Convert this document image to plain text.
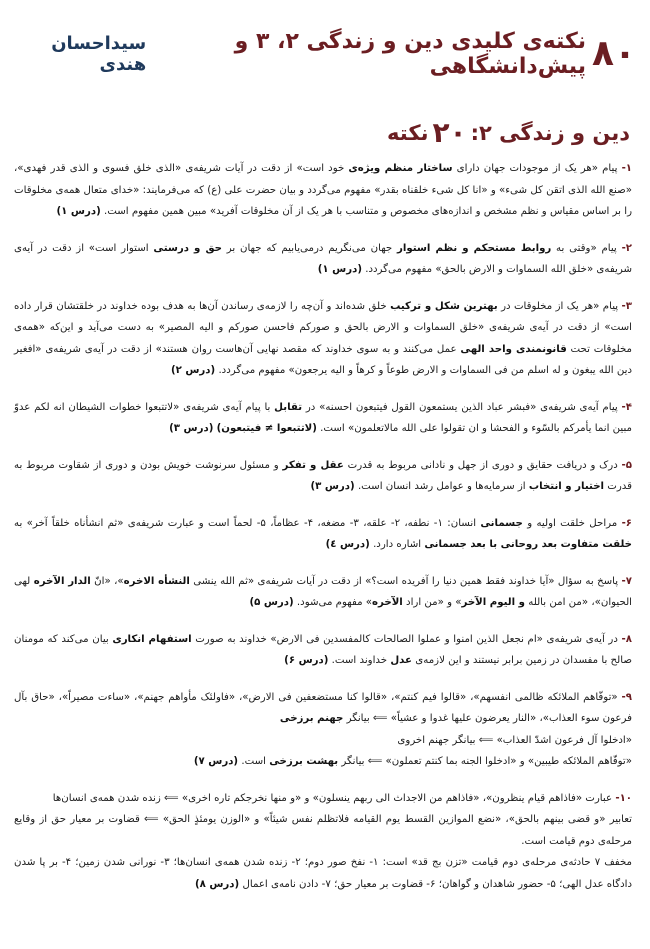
۸۰
نکته‌ی کلیدی دین و زندگی ۲، ۳ و پیش‌دانشگاهی
سیداحسان هندی
دین و زندگی ۲:
۲۰
نکته

۱- پیام «هر یک از موجودات جهان دارای ساختار منظم ویژه‌ی خود است» از دقت در آیات شریفه‌ی «الذی خلق فسوی و الذی قدر فهدی»، «صنع الله الذی اتقن کل شیء» و «انا کل شیء خلقناه بقدر» مفهوم می‌گردد و بیان حضرت علی (ع) که می‌فرمایند: «خدای متعال همه‌ی مخلوقات را بر اساس مقیاس و نظم مشخص و اندازه‌های مخصوص و متناسب با هر یک از آن مخلوقات آفرید» مبین همین مفهوم است. (درس ۱)

۲- پیام «وقتی به روابط مستحکم و نظم استوار جهان می‌نگریم درمی‌یابیم که جهان بر حق و درستی استوار است» از دقت در آیه‌ی شریفه‌ی «خلق الله السماوات و الارض بالحق» مفهوم می‌گردد. (درس ۱)

۳- پیام «هر یک از مخلوقات در بهترین شکل و ترکیب خلق شده‌اند و آن‌چه را لازمه‌ی رساندن آن‌ها به هدف بوده خداوند در خلقتشان قرار داده است» از دقت در آیه‌ی شریفه‌ی «خلق السماوات و الارض بالحق و صورکم فاحسن صورکم و الیه المصیر» به دست می‌آید و این‌که «همه‌ی مخلوقات تحت قانونمندی واحد الهی عمل می‌کنند و به سوی خداوند که مقصد نهایی آن‌هاست روان هستند» از دقت در آیه‌ی شریفه‌ی «افغیر دین الله یبغون و له اسلم من فی السماوات و الارض طوعاً و کرهاً و الیه یرجعون» مفهوم می‌گردد. (درس ۲)

۴- پیام آیه‌ی شریفه‌ی «فبشر عباد الذین یستمعون القول فیتبعون احسنه» در تقابل با پیام آیه‌ی شریفه‌ی «لاتتبعوا خطوات الشیطان انه لکم عدوّ مبین انما یأمرکم بالسّوء و الفحشا و ان تقولوا علی الله مالاتعلمون» است. (لاتتبعوا ≠ فیتبعون) (درس ۳)

۵- درک و دریافت حقایق و دوری از جهل و نادانی مربوط به قدرت عقل و تفکر و مسئول سرنوشت خویش بودن و دوری از شقاوت مربوط به قدرت اختیار و انتخاب از سرمایه‌ها و عوامل رشد انسان است. (درس ۳)

۶- مراحل خلقت اولیه و جسمانی انسان: ۱- نطفه، ۲- علقه، ۳- مضغه، ۴- عظاماً، ۵- لحماً است و عبارت شریفه‌ی «ثم انشأناه خلقاً آخر» به خلقت متفاوت بعد روحانی با بعد جسمانی اشاره دارد. (درس ٤)

۷- پاسخ به سؤال «آیا خداوند فقط همین دنیا را آفریده است؟» از دقت در آیات شریفه‌ی «ثم الله ینشی النشأه الاخره»، «انّ الدار الآخره لهی الحیوان»، «من امن بالله و الیوم الآخر» و «من اراد الآخره» مفهوم می‌شود. (درس ۵)

۸- در آیه‌ی شریفه‌ی «ام نجعل الذین امنوا و عملوا الصالحات کالمفسدین فی الارض» خداوند به صورت استفهام انکاری بیان می‌کند که مومنان صالح با مفسدان در زمین برابر نیستند و این لازمه‌ی عدل خداوند است. (درس ۶)

۹- «توفّاهم الملائکه ظالمی انفسهم»، «قالوا فیم کنتم»، «قالوا کنا مستضعفین فی الارض»، «فاولئک مأواهم جهنم»، «ساءت مصیراً»، «حاق بآل فرعون سوء العذاب»، «النار یعرضون علیها غدوا و عشیاً» ⟸ بیانگر جهنم برزخی

«ادخلوا آل فرعون اشدّ العذاب» ⟸ بیانگر جهنم اخروی

«توفّاهم الملائکه طیبین» و «ادخلوا الجنه بما کنتم تعملون» ⟸ بیانگر بهشت برزخی است. (درس ۷)

۱۰- عبارت «فاذاهم قیام ینظرون»، «فاذاهم من الاجداث الی ربهم ینسلون» و «و منها نخرجکم تاره اخری» ⟸ زنده شدن همه‌ی انسان‌ها

تعابیر «و قضی بینهم بالحق»، «نضع الموازین القسط یوم القیامه فلاتظلم نفس شیئاً» و «الوزن یومئذٍ الحق» ⟸ قضاوت بر معیار حق از وقایع مرحله‌ی دوم قیامت است.

مخفف ۷ حادثه‌ی مرحله‌ی دوم قیامت «تزن بج قد» است: ۱- نفخ صور دوم؛ ۲- زنده شدن همه‌ی انسان‌ها؛ ۳- نورانی شدن زمین؛ ۴- بر پا شدن دادگاه عدل الهی؛ ۵- حضور شاهدان و گواهان؛ ۶- قضاوت بر معیار حق؛ ۷- دادن نامه‌ی اعمال (درس ۸)
